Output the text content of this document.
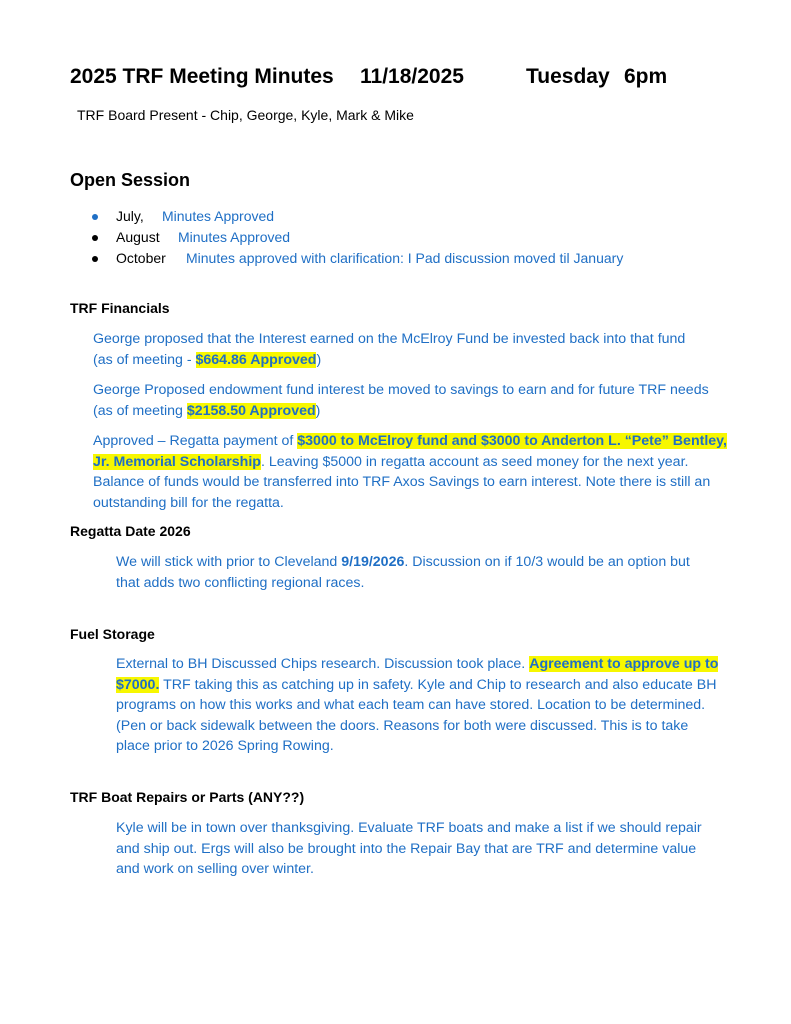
2025 TRF Meeting Minutes 11/18/2025	Tuesday 6pm
TRF Board Present - Chip, George, Kyle, Mark & Mike
Open Session
July, Minutes Approved
August Minutes Approved
October Minutes approved with clarification: I Pad discussion moved til January
TRF Financials

George proposed that the Interest earned on the McElroy Fund be invested back into that fund
(as of meeting - $664.86 Approved)

George Proposed endowment fund interest be moved to savings to earn and for future TRF needs
(as of meeting $2158.50 Approved)

Approved – Regatta payment of $3000 to McElroy fund and $3000 to Anderton L. “Pete” Bentley,
Jr. Memorial Scholarship. Leaving $5000 in regatta account as seed money for the next year.
Balance of funds would be transferred into TRF Axos Savings to earn interest. Note there is still an
outstanding bill for the regatta.

Regatta Date 2026

We will stick with prior to Cleveland 9/19/2026. Discussion on if 10/3 would be an option but
that adds two conflicting regional races.

Fuel Storage

External to BH Discussed Chips research. Discussion took place. Agreement to approve up to
$7000. TRF taking this as catching up in safety. Kyle and Chip to research and also educate BH
programs on how this works and what each team can have stored. Location to be determined.
(Pen or back sidewalk between the doors. Reasons for both were discussed. This is to take
place prior to 2026 Spring Rowing.

TRF Boat Repairs or Parts (ANY??)

Kyle will be in town over thanksgiving. Evaluate TRF boats and make a list if we should repair
and ship out. Ergs will also be brought into the Repair Bay that are TRF and determine value
and work on selling over winter.
